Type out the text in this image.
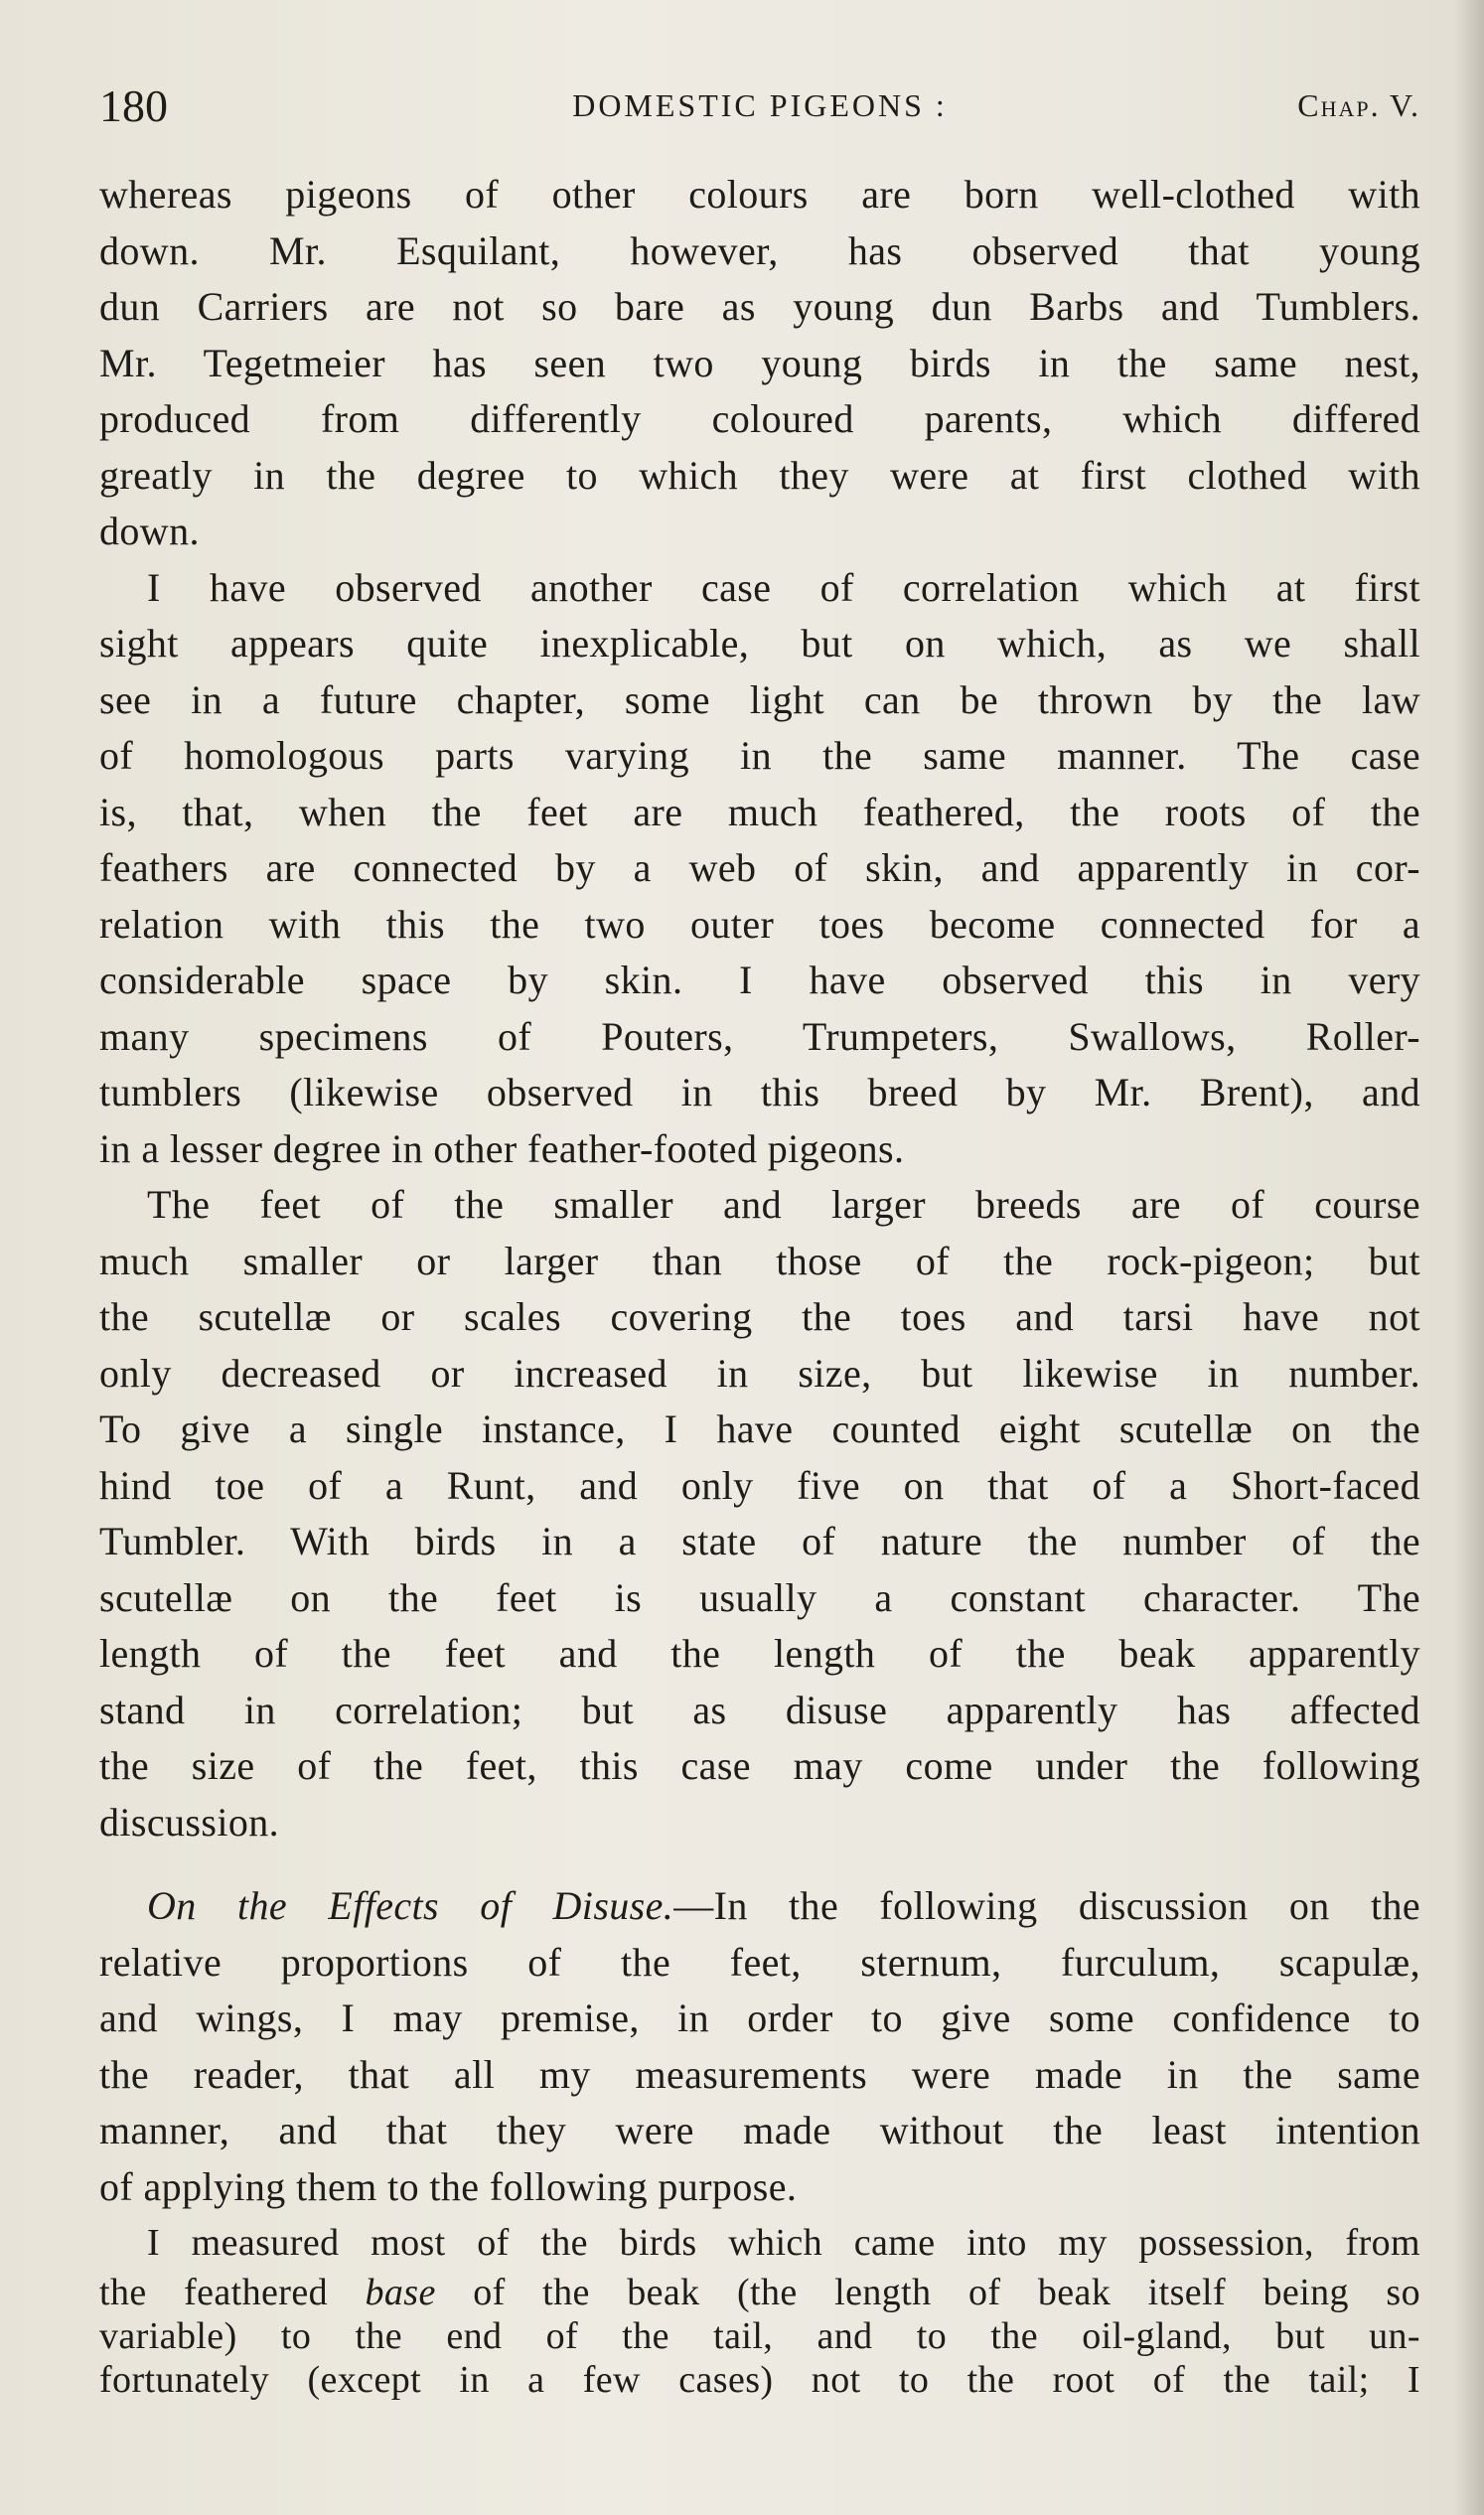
180	DOMESTIC PIGEONS :	Chap. V.
whereas pigeons of other colours are born well-clothed with
down. Mr. Esquilant, however, has observed that young
dun Carriers are not so bare as young dun Barbs and Tumblers.
Mr. Tegetmeier has seen two young birds in the same nest,
produced from differently coloured parents, which differed
greatly in the degree to which they were at first clothed with
down.
I have observed another case of correlation which at first
sight appears quite inexplicable, but on which, as we shall
see in a future chapter, some light can be thrown by the law
of homologous parts varying in the same manner. The case
is, that, when the feet are much feathered, the roots of the
feathers are connected by a web of skin, and apparently in cor-
relation with this the two outer toes become connected for a
considerable space by skin. I have observed this in very
many specimens of Pouters, Trumpeters, Swallows, Roller-
tumblers (likewise observed in this breed by Mr. Brent), and
in a lesser degree in other feather-footed pigeons.
The feet of the smaller and larger breeds are of course
much smaller or larger than those of the rock-pigeon; but
the scutellæ or scales covering the toes and tarsi have not
only decreased or increased in size, but likewise in number.
To give a single instance, I have counted eight scutellæ on the
hind toe of a Runt, and only five on that of a Short-faced
Tumbler. With birds in a state of nature the number of the
scutellæ on the feet is usually a constant character. The
length of the feet and the length of the beak apparently
stand in correlation; but as disuse apparently has affected
the size of the feet, this case may come under the following
discussion.
On the Effects of Disuse.—In the following discussion on the
relative proportions of the feet, sternum, furculum, scapulæ,
and wings, I may premise, in order to give some confidence to
the reader, that all my measurements were made in the same
manner, and that they were made without the least intention
of applying them to the following purpose.
I measured most of the birds which came into my possession, from
the feathered base of the beak (the length of beak itself being so
variable) to the end of the tail, and to the oil-gland, but un-
fortunately (except in a few cases) not to the root of the tail; I
